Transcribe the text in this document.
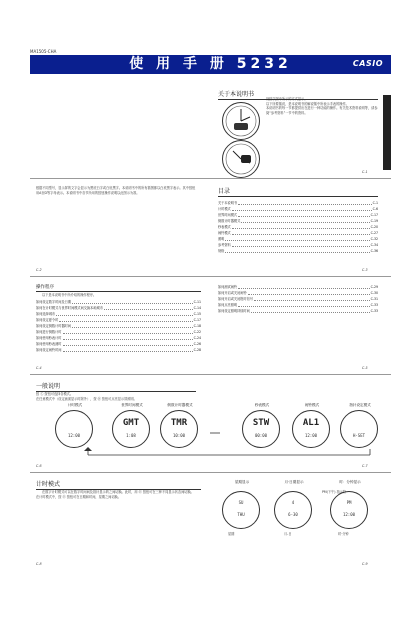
MA1505-CHA
使 用 手 册 5232	CASIO
关于本说明书
视按以图中所示的方式显示。
以下所要插说，是本说明书的解说插中所表示手表的操作。
本说明书的每一节都提供出在进行一种功能的操作。有关技术资料说明等，请参阅“参考资料”一节中的资料。
C-1
根据不同型号，显示屏的文字会显示为黑底白字或白底黑字。本说明书中的所有插图都以白底黑字表示。其中按钮用A至D等字母表示。本说明书中各节所用的按钮操作说明以此图示为准。
C-2
目录
关于本说明书	C-1
计时模式	C-6
世界时间模式	C-17
倒数计时器模式	C-19
秒表模式	C-20
闹铃模式	C-27
照明	C-32
参考资料	C-34
规格	C-36
C-3
操作程序
以下是本说明书中所介绍的操作程序。
如何设定数字时间及日期	C-11
如何在计时模式与世界时间模式间交换本地城市	C-14
如何选择城市	C-15
如何设定夏令时	C-17
如何设定倒数计时器时间	C-18
如何进行倒数计时	C-22
如何使用秒表计时	C-24
如何使用秒表测时	C-26
如何设定闹铃时间	C-28
C-4
如何测试闹铃	C-29
如何开启或关闭闹铃	C-30
如何开启或关闭报时信号	C-31
如何点亮照明	C-33
如何设定照明持续时间	C-33
C-5
一般说明
按 Ⓒ 按钮可选择各模式。
在任意模式中（设定画面显示时除外），按 Ⓑ 按钮可点亮显示屏照明。
计时模式
12:00
世界时间模式
GMT
1:08
倒数计时器模式
TMR
10:00
秒表模式
STW
00:00
闹铃模式
AL1
12:00
指针设定模式
H-SET
C-6	C-7
计时模式
在数字计时模式可以在数字时间间及指针显示的之间切换。此时，用 Ⓓ 按钮可在三种不同显示状态间切换。
在计时模式中，按 Ⓓ 按钮可在日期和时间，星期之间切换。
星期显示
SU
THU
月·日期显示
4
6-30
时：分钟显示
PM
12:00
PM(下午) 指示符
星期	月-日	时·分钟
C-8	C-9
